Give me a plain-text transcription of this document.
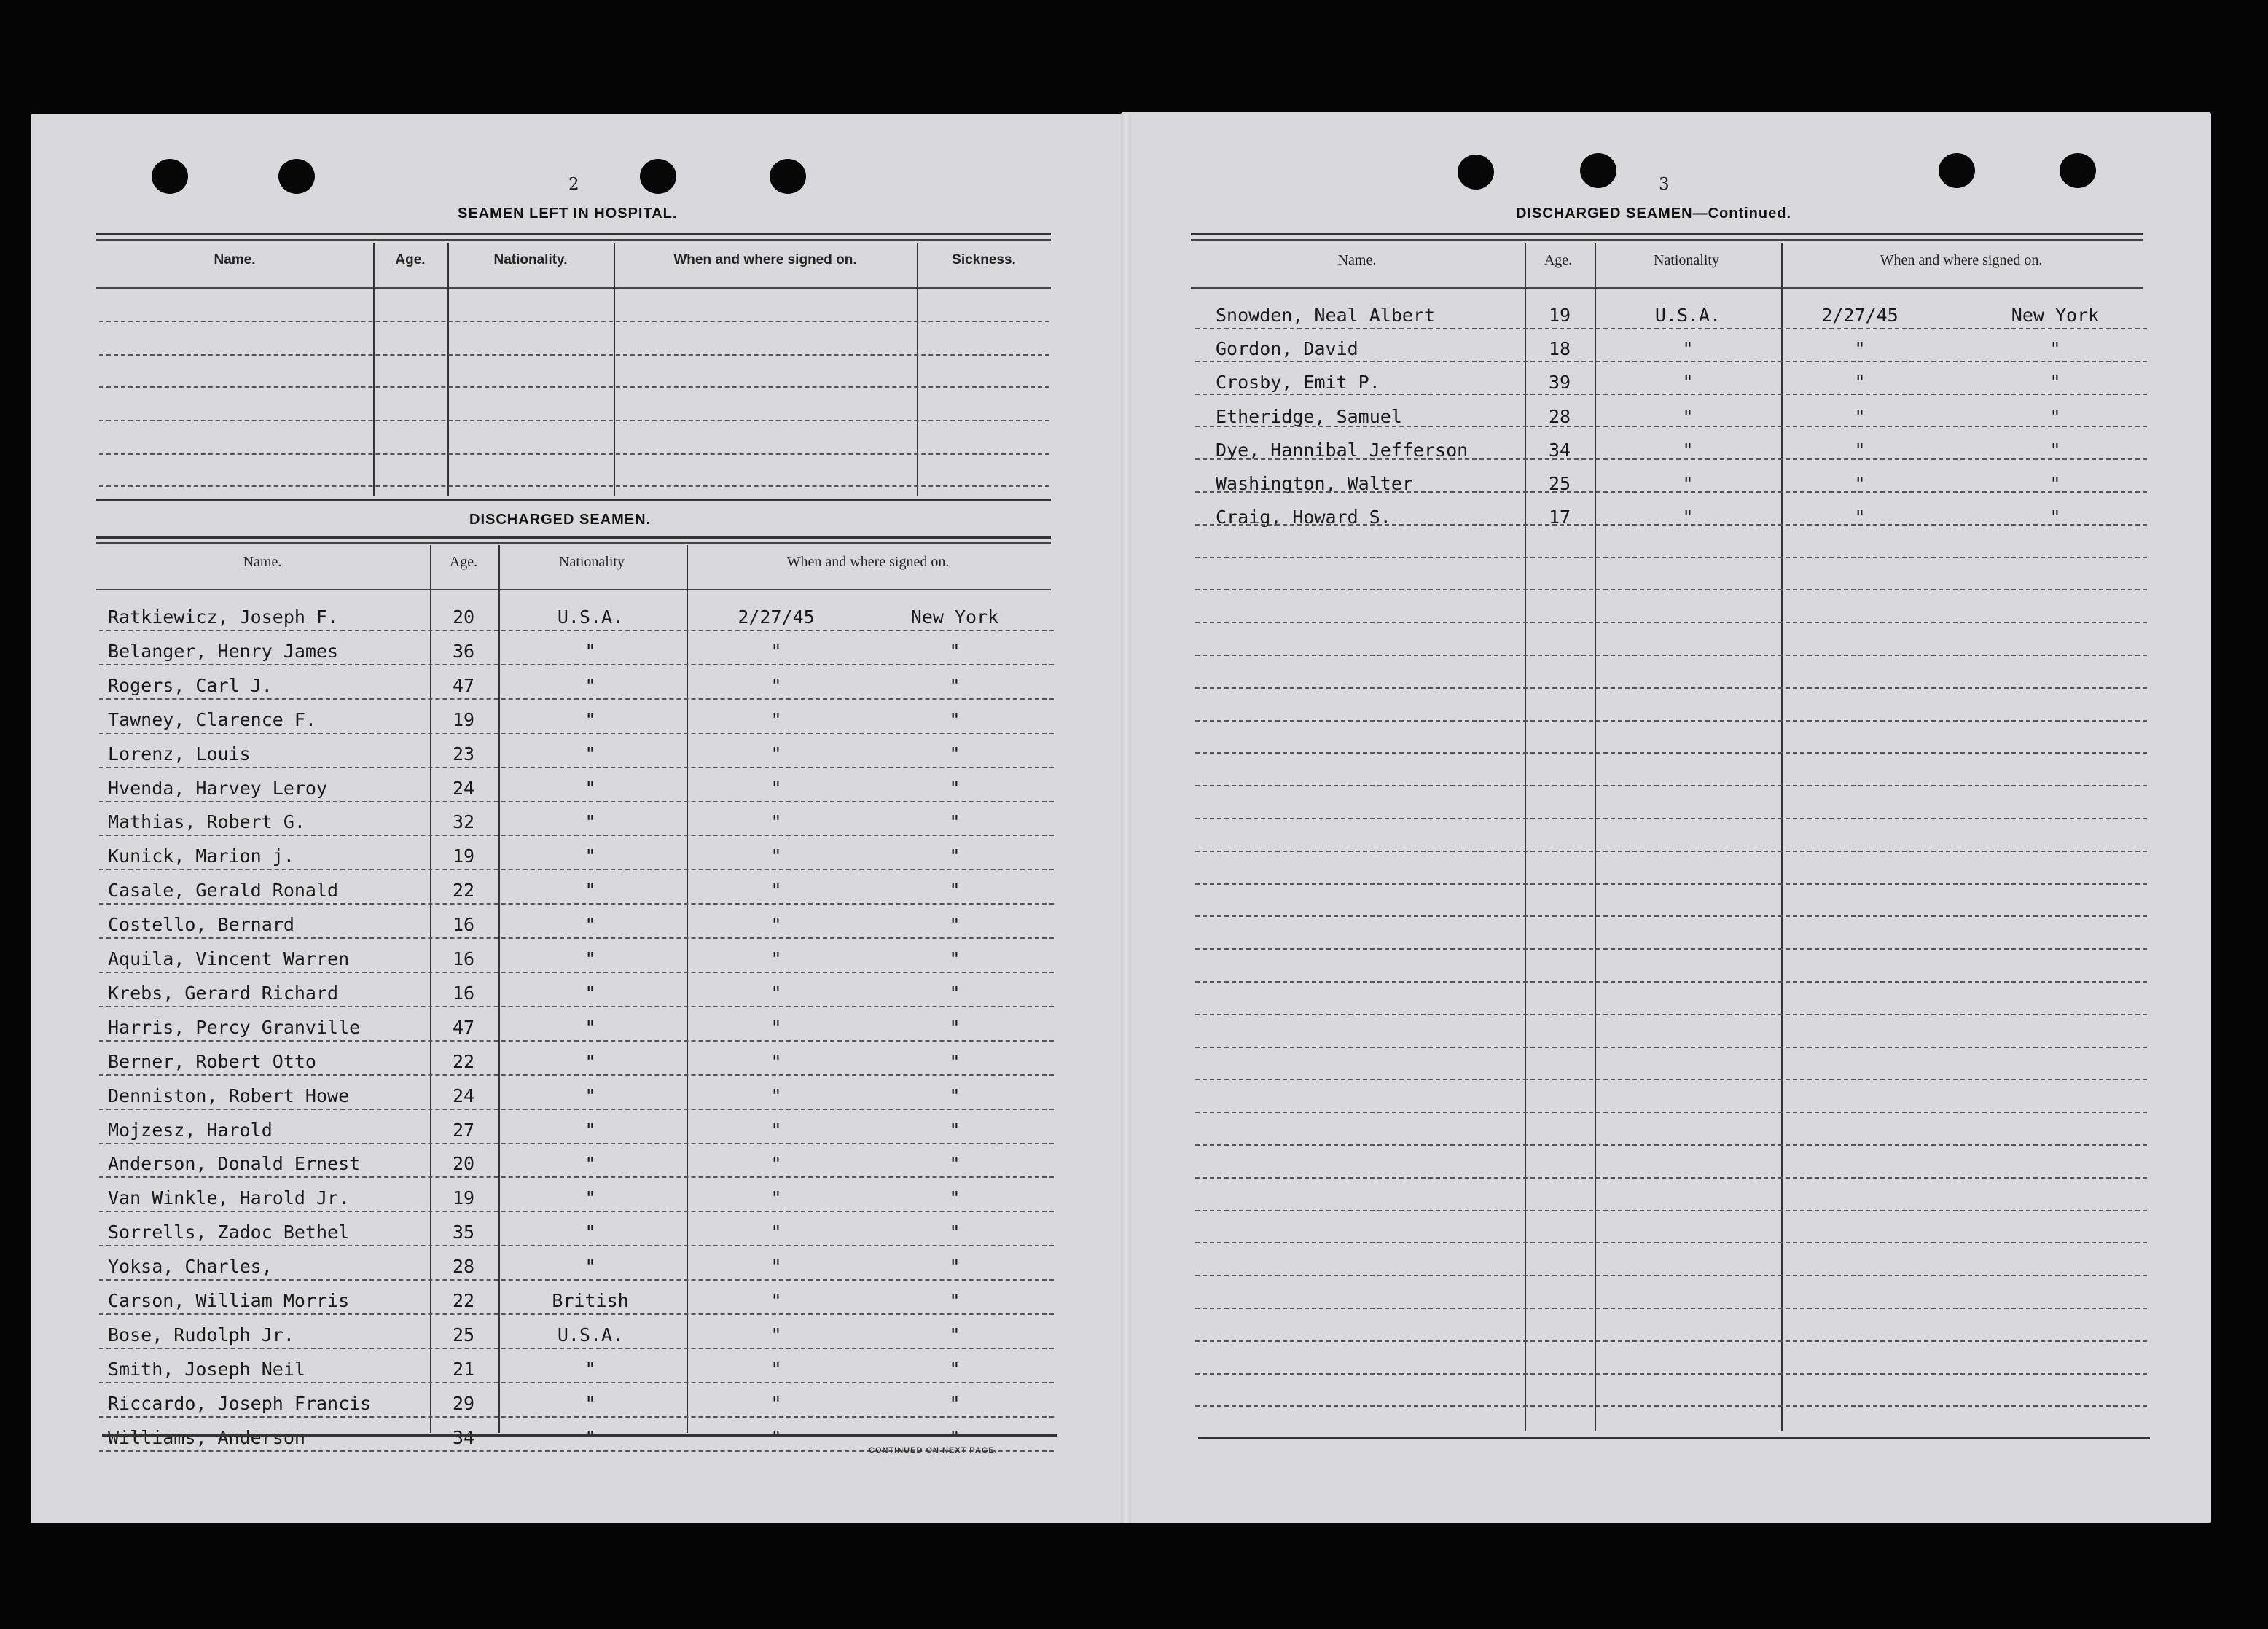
2
SEAMEN LEFT IN HOSPITAL.
Name.	Age.	Nationality.	When and where signed on.	Sickness.
DISCHARGED SEAMEN.
Name.	Age.	Nationality	When and where signed on.
Ratkiewicz, Joseph F.	20	U.S.A.	2/27/45	New York
Belanger, Henry James	36	"	"	"
Rogers, Carl J.	47	"	"	"
Tawney, Clarence F.	19	"	"	"
Lorenz, Louis	23	"	"	"
Hvenda, Harvey Leroy	24	"	"	"
Mathias, Robert G.	32	"	"	"
Kunick, Marion j.	19	"	"	"
Casale, Gerald Ronald	22	"	"	"
Costello, Bernard	16	"	"	"
Aquila, Vincent Warren	16	"	"	"
Krebs, Gerard Richard	16	"	"	"
Harris, Percy Granville	47	"	"	"
Berner, Robert Otto	22	"	"	"
Denniston, Robert Howe	24	"	"	"
Mojzesz, Harold	27	"	"	"
Anderson, Donald Ernest	20	"	"	"
Van Winkle, Harold Jr.	19	"	"	"
Sorrells, Zadoc Bethel	35	"	"	"
Yoksa, Charles,	28	"	"	"
Carson, William Morris	22	British	"	"
Bose, Rudolph Jr.	25	U.S.A.	"	"
Smith, Joseph Neil	21	"	"	"
Riccardo, Joseph Francis	29	"	"	"
Williams, Anderson	34	"	"	"
CONTINUED ON NEXT PAGE.
3
DISCHARGED SEAMEN—Continued.
Name.	Age.	Nationality	When and where signed on.
Snowden, Neal Albert	19	U.S.A.	2/27/45	New York
Gordon, David	18	"	"	"
Crosby, Emit P.	39	"	"	"
Etheridge, Samuel	28	"	"	"
Dye, Hannibal Jefferson	34	"	"	"
Washington, Walter	25	"	"	"
Craig, Howard S.	17	"	"	"
